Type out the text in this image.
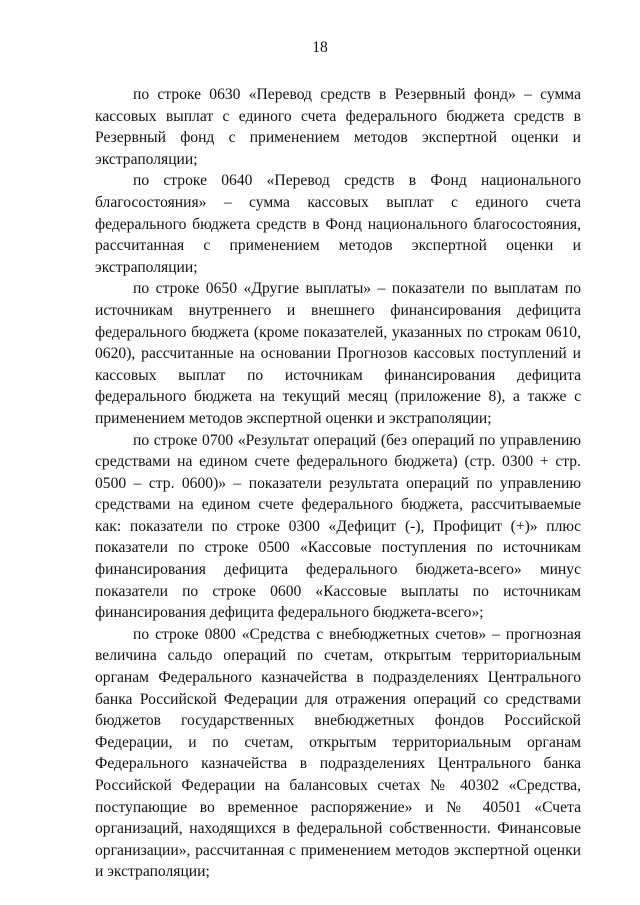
18

по строке 0630 «Перевод средств в Резервный фонд» – сумма кассовых выплат с единого счета федерального бюджета средств в Резервный фонд с применением методов экспертной оценки и экстраполяции;

по строке 0640 «Перевод средств в Фонд национального благосостояния» – сумма кассовых выплат с единого счета федерального бюджета средств в Фонд национального благосостояния, рассчитанная с применением методов экспертной оценки и экстраполяции;

по строке 0650 «Другие выплаты» – показатели по выплатам по источникам внутреннего и внешнего финансирования дефицита федерального бюджета (кроме показателей, указанных по строкам 0610, 0620), рассчитанные на основании Прогнозов кассовых поступлений и кассовых выплат по источникам финансирования дефицита федерального бюджета на текущий месяц (приложение 8), а также с применением методов экспертной оценки и экстраполяции;

по строке 0700 «Результат операций (без операций по управлению средствами на едином счете федерального бюджета) (стр. 0300 + стр. 0500 – стр. 0600)» – показатели результата операций по управлению средствами на едином счете федерального бюджета, рассчитываемые как: показатели по строке 0300 «Дефицит (-), Профицит (+)» плюс показатели по строке 0500 «Кассовые поступления по источникам финансирования дефицита федерального бюджета-всего» минус показатели по строке 0600 «Кассовые выплаты по источникам финансирования дефицита федерального бюджета-всего»;

по строке 0800 «Средства с внебюджетных счетов» – прогнозная величина сальдо операций по счетам, открытым территориальным органам Федерального казначейства в подразделениях Центрального банка Российской Федерации для отражения операций со средствами бюджетов государственных внебюджетных фондов Российской Федерации, и по счетам, открытым территориальным органам Федерального казначейства в подразделениях Центрального банка Российской Федерации на балансовых счетах № 40302 «Средства, поступающие во временное распоряжение» и № 40501 «Счета организаций, находящихся в федеральной собственности. Финансовые организации», рассчитанная с применением методов экспертной оценки и экстраполяции;
